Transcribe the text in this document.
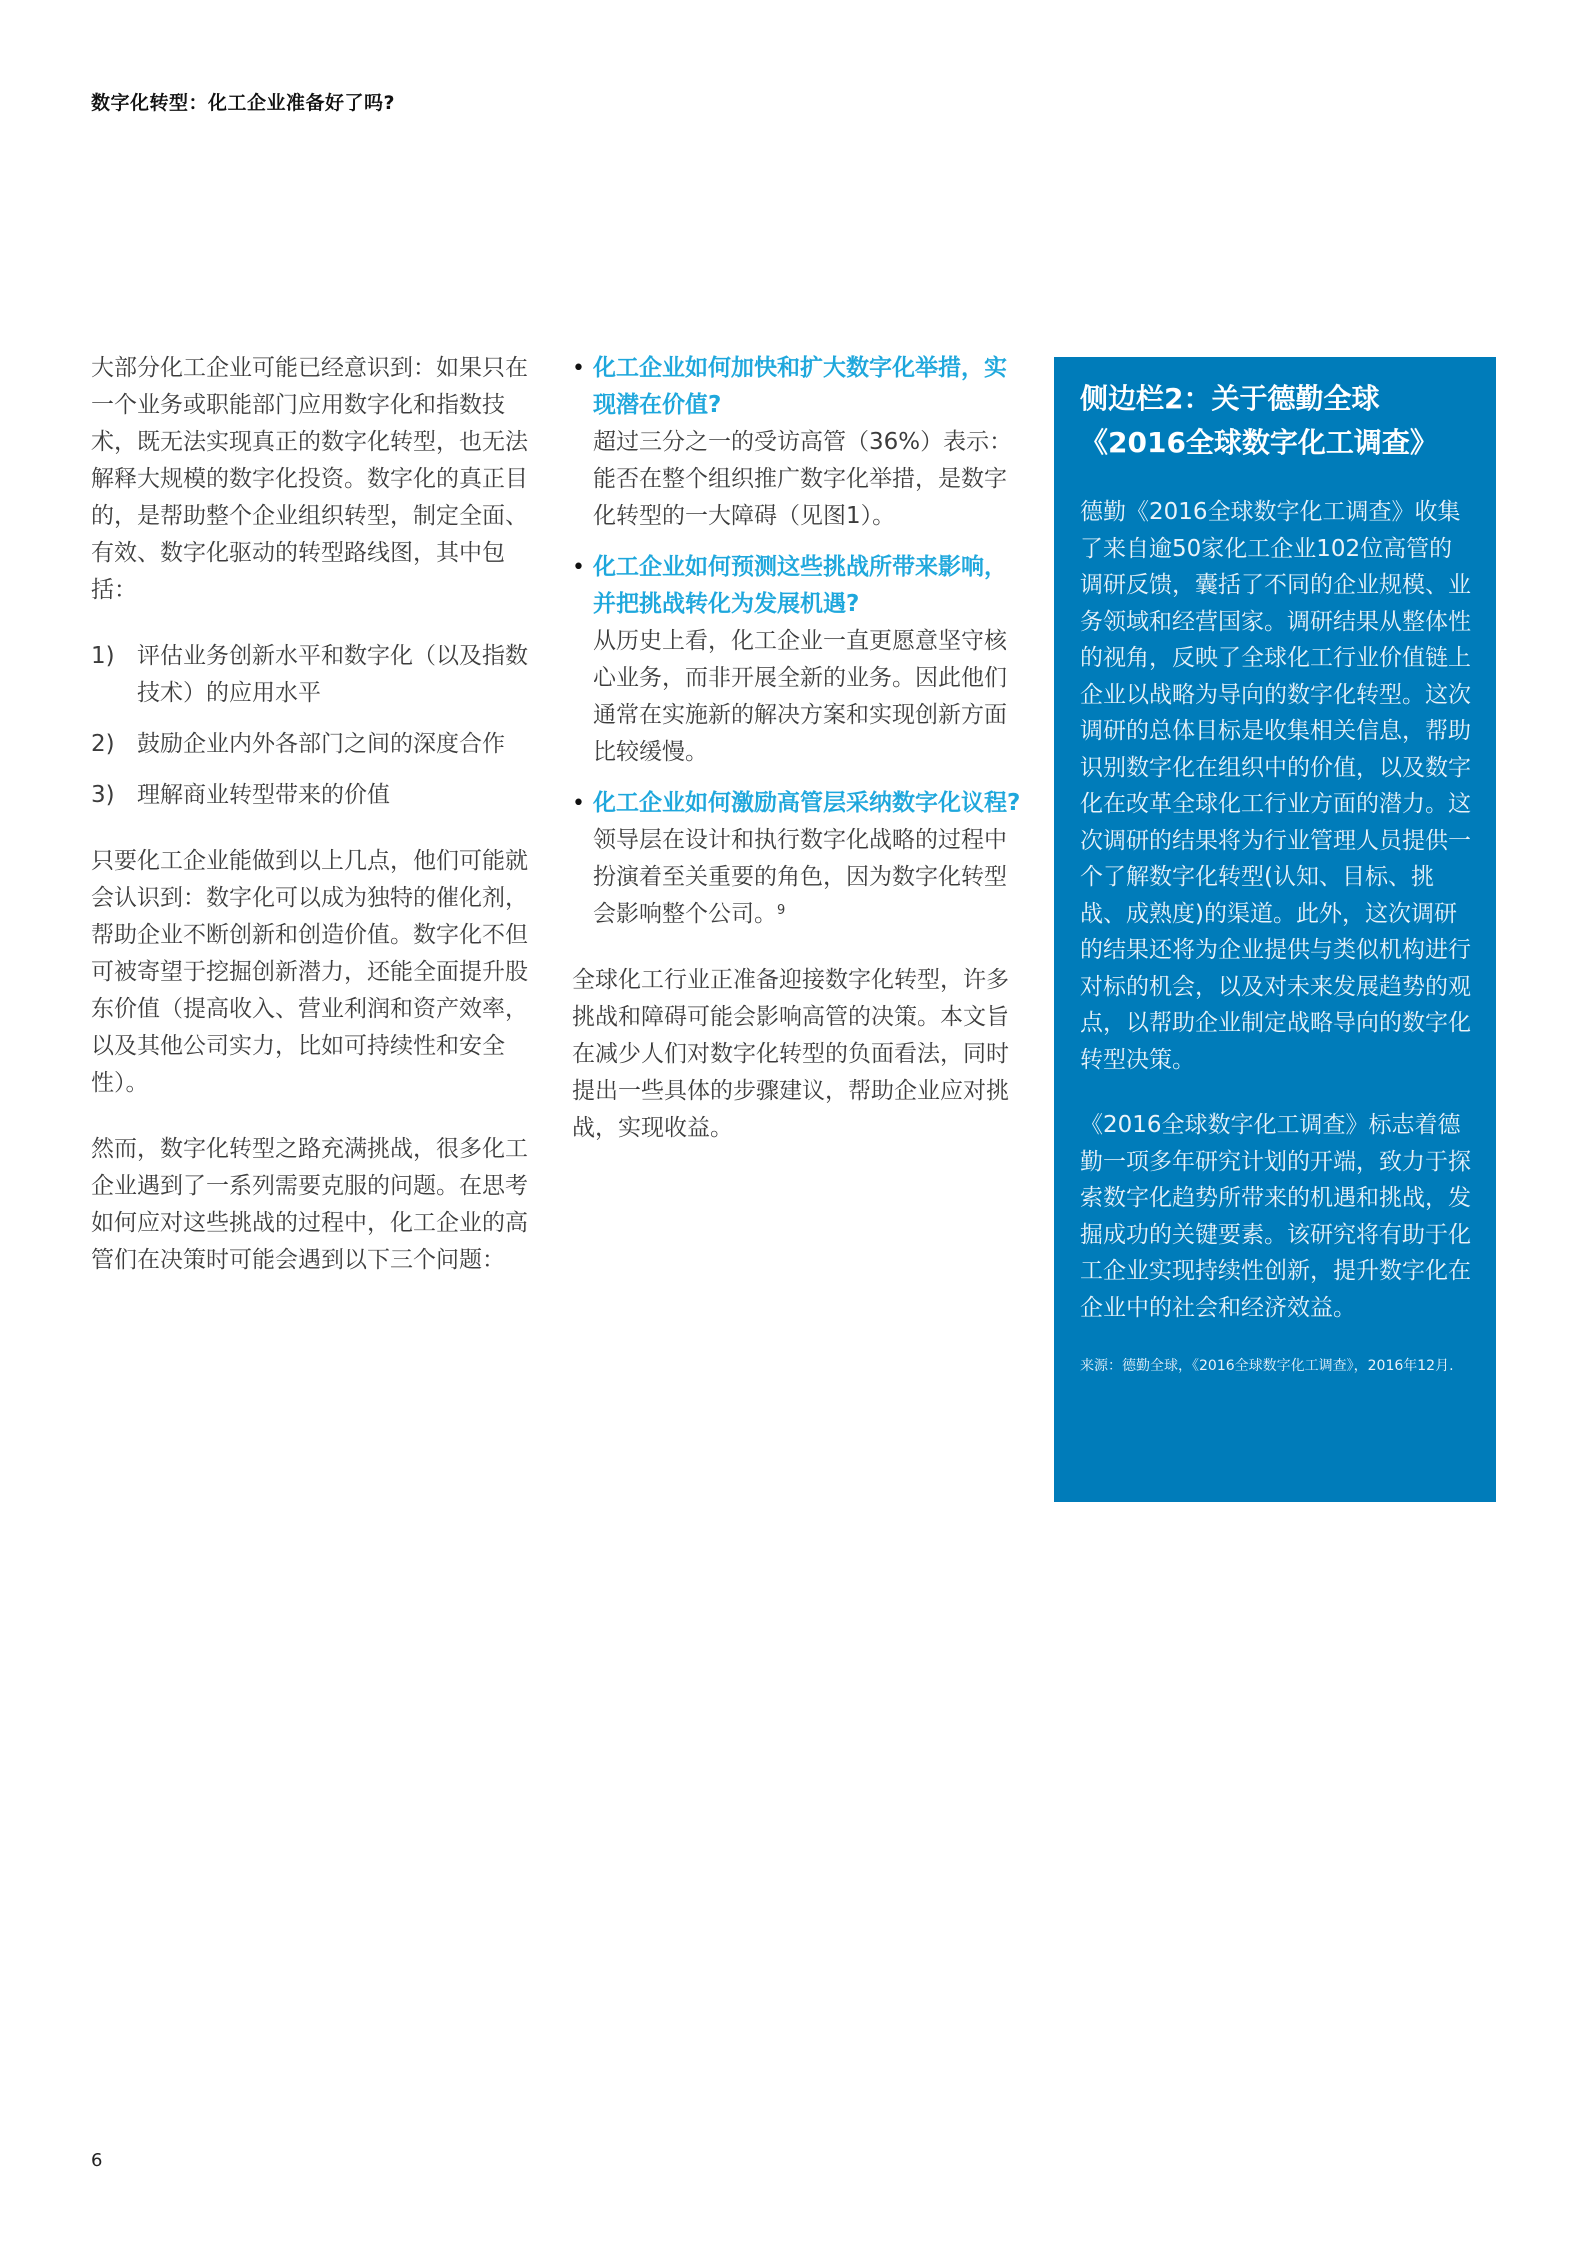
数字化转型：化工企业准备好了吗?

大部分化工企业可能已经意识到：如果只在一个业务或职能部门应用数字化和指数技术，既无法实现真正的数字化转型，也无法解释大规模的数字化投资。数字化的真正目的，是帮助整个企业组织转型，制定全面、有效、数字化驱动的转型路线图，其中包括：

1) 评估业务创新水平和数字化（以及指数技术）的应用水平
2) 鼓励企业内外各部门之间的深度合作
3) 理解商业转型带来的价值

只要化工企业能做到以上几点，他们可能就会认识到：数字化可以成为独特的催化剂，帮助企业不断创新和创造价值。数字化不但可被寄望于挖掘创新潜力，还能全面提升股东价值（提高收入、营业利润和资产效率，以及其他公司实力，比如可持续性和安全性）。

然而，数字化转型之路充满挑战，很多化工企业遇到了一系列需要克服的问题。在思考如何应对这些挑战的过程中，化工企业的高管们在决策时可能会遇到以下三个问题：

• 化工企业如何加快和扩大数字化举措，实现潜在价值?
超过三分之一的受访高管（36%）表示：能否在整个组织推广数字化举措，是数字化转型的一大障碍（见图1）。
• 化工企业如何预测这些挑战所带来影响，并把挑战转化为发展机遇?
从历史上看，化工企业一直更愿意坚守核心业务，而非开展全新的业务。因此他们通常在实施新的解决方案和实现创新方面比较缓慢。
• 化工企业如何激励高管层采纳数字化议程?
领导层在设计和执行数字化战略的过程中扮演着至关重要的角色，因为数字化转型会影响整个公司。$^9$

全球化工行业正准备迎接数字化转型，许多挑战和障碍可能会影响高管的决策。本文旨在减少人们对数字化转型的负面看法，同时提出一些具体的步骤建议，帮助企业应对挑战，实现收益。

侧边栏2：关于德勤全球
《2016全球数字化工调查》

德勤《2016全球数字化工调查》收集了来自逾50家化工企业102位高管的调研反馈，囊括了不同的企业规模、业务领域和经营国家。调研结果从整体性的视角，反映了全球化工行业价值链上企业以战略为导向的数字化转型。这次调研的总体目标是收集相关信息，帮助识别数字化在组织中的价值，以及数字化在改革全球化工行业方面的潜力。这次调研的结果将为行业管理人员提供一个了解数字化转型(认知、目标、挑战、成熟度)的渠道。此外，这次调研的结果还将为企业提供与类似机构进行对标的机会，以及对未来发展趋势的观点，以帮助企业制定战略导向的数字化转型决策。

《2016全球数字化工调查》标志着德勤一项多年研究计划的开端，致力于探索数字化趋势所带来的机遇和挑战，发掘成功的关键要素。该研究将有助于化工企业实现持续性创新，提升数字化在企业中的社会和经济效益。

来源：德勤全球，《2016全球数字化工调查》，2016年12月.
6
